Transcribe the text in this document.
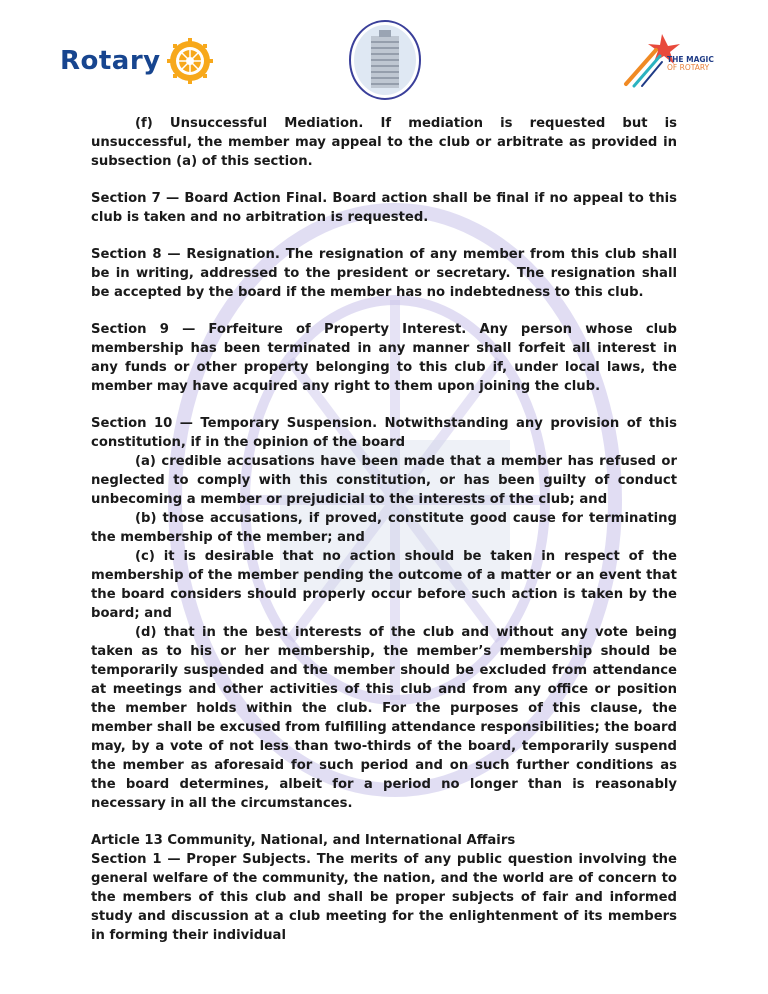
Rotary	THE MAGIC
OF ROTARY

(f) Unsuccessful Mediation. If mediation is requested but is unsuccessful, the member may appeal to the club or arbitrate as provided in subsection (a) of this section.

Section 7 — Board Action Final. Board action shall be final if no appeal to this club is taken and no arbitration is requested.

Section 8 — Resignation. The resignation of any member from this club shall be in writing, addressed to the president or secretary. The resignation shall be accepted by the board if the member has no indebtedness to this club.

Section 9 — Forfeiture of Property Interest. Any person whose club membership has been terminated in any manner shall forfeit all interest in any funds or other property belonging to this club if, under local laws, the member may have acquired any right to them upon joining the club.

Section 10 — Temporary Suspension. Notwithstanding any provision of this constitution, if in the opinion of the board

(a) credible accusations have been made that a member has refused or neglected to comply with this constitution, or has been guilty of conduct unbecoming a member or prejudicial to the interests of the club; and

(b) those accusations, if proved, constitute good cause for terminating the membership of the member; and

(c) it is desirable that no action should be taken in respect of the membership of the member pending the outcome of a matter or an event that the board considers should properly occur before such action is taken by the board; and

(d) that in the best interests of the club and without any vote being taken as to his or her membership, the member’s membership should be temporarily suspended and the member should be excluded from attendance at meetings and other activities of this club and from any office or position the member holds within the club. For the purposes of this clause, the member shall be excused from fulfilling attendance responsibilities; the board may, by a vote of not less than two-thirds of the board, temporarily suspend the member as aforesaid for such period and on such further conditions as the board determines, albeit for a period no longer than is reasonably necessary in all the circumstances.

Article 13 Community, National, and International Affairs

Section 1 — Proper Subjects. The merits of any public question involving the general welfare of the community, the nation, and the world are of concern to the members of this club and shall be proper subjects of fair and informed study and discussion at a club meeting for the enlightenment of its members in forming their individual
